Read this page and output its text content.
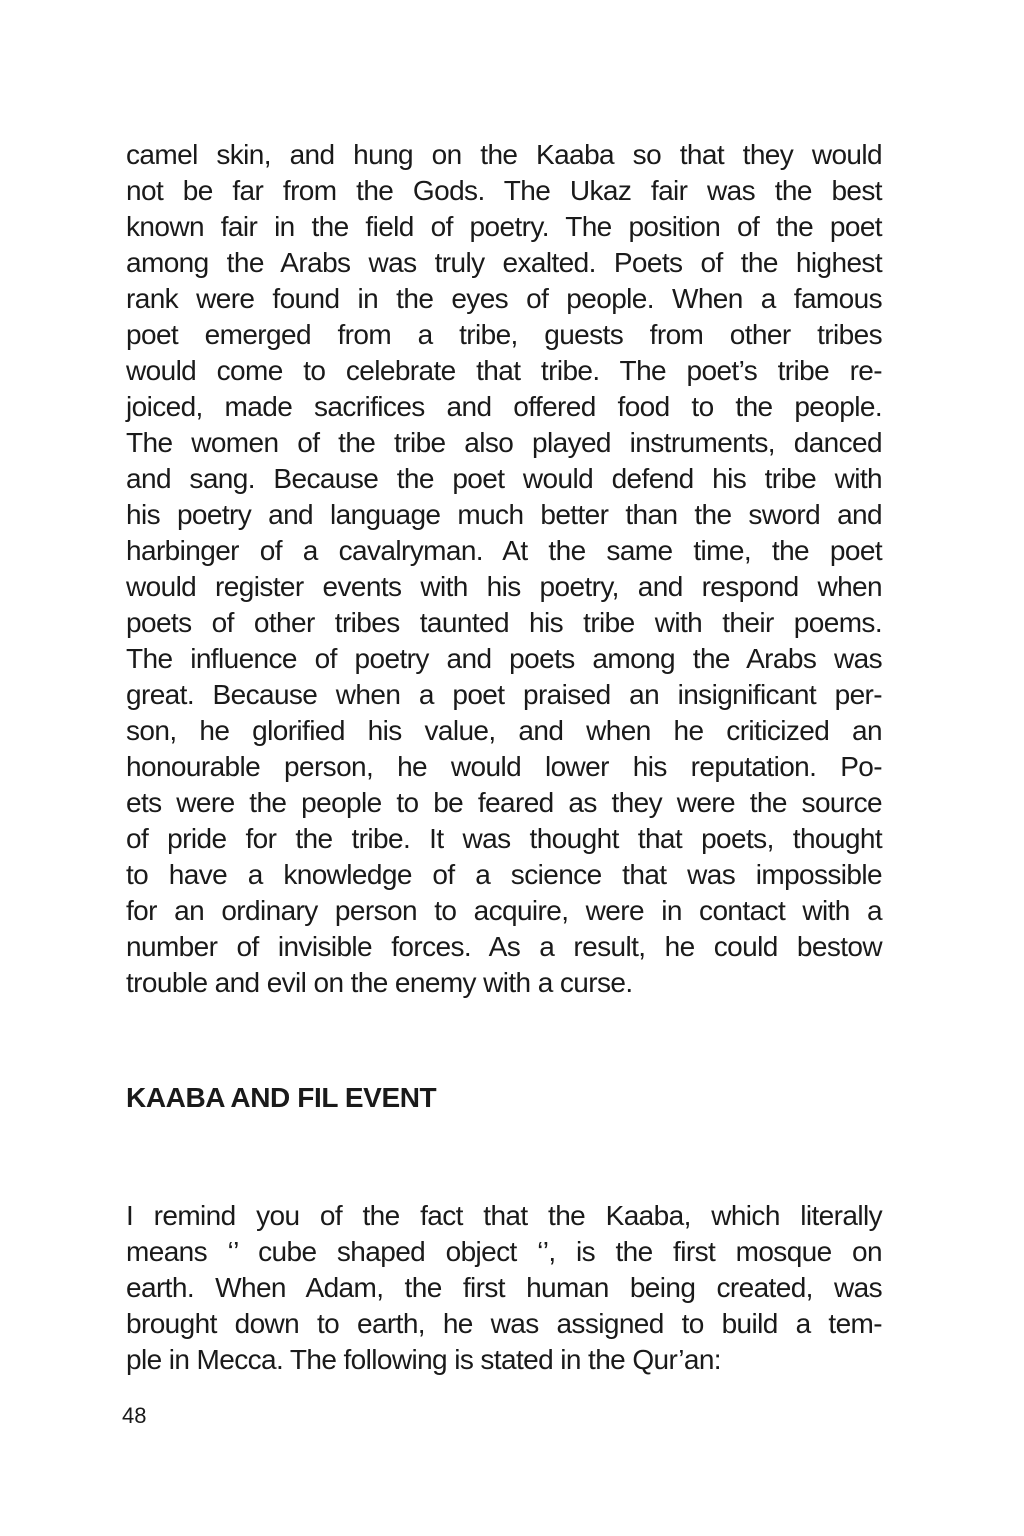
camel skin, and hung on the Kaaba so that they would
not be far from the Gods. The Ukaz fair was the best
known fair in the field of poetry. The position of the poet
among the Arabs was truly exalted. Poets of the highest
rank were found in the eyes of people. When a famous
poet emerged from a tribe, guests from other tribes
would come to celebrate that tribe. The poet’s tribe re-
joiced, made sacrifices and offered food to the people.
The women of the tribe also played instruments, danced
and sang. Because the poet would defend his tribe with
his poetry and language much better than the sword and
harbinger of a cavalryman. At the same time, the poet
would register events with his poetry, and respond when
poets of other tribes taunted his tribe with their poems.
The influence of poetry and poets among the Arabs was
great. Because when a poet praised an insignificant per-
son, he glorified his value, and when he criticized an
honourable person, he would lower his reputation. Po-
ets were the people to be feared as they were the source
of pride for the tribe. It was thought that poets, thought
to have a knowledge of a science that was impossible
for an ordinary person to acquire, were in contact with a
number of invisible forces. As a result, he could bestow
trouble and evil on the enemy with a curse.
KAABA AND FIL EVENT
I remind you of the fact that the Kaaba, which literally
means ‘’ cube shaped object ‘’, is the first mosque on
earth. When Adam, the first human being created, was
brought down to earth, he was assigned to build a tem-
ple in Mecca. The following is stated in the Qur’an:

48
